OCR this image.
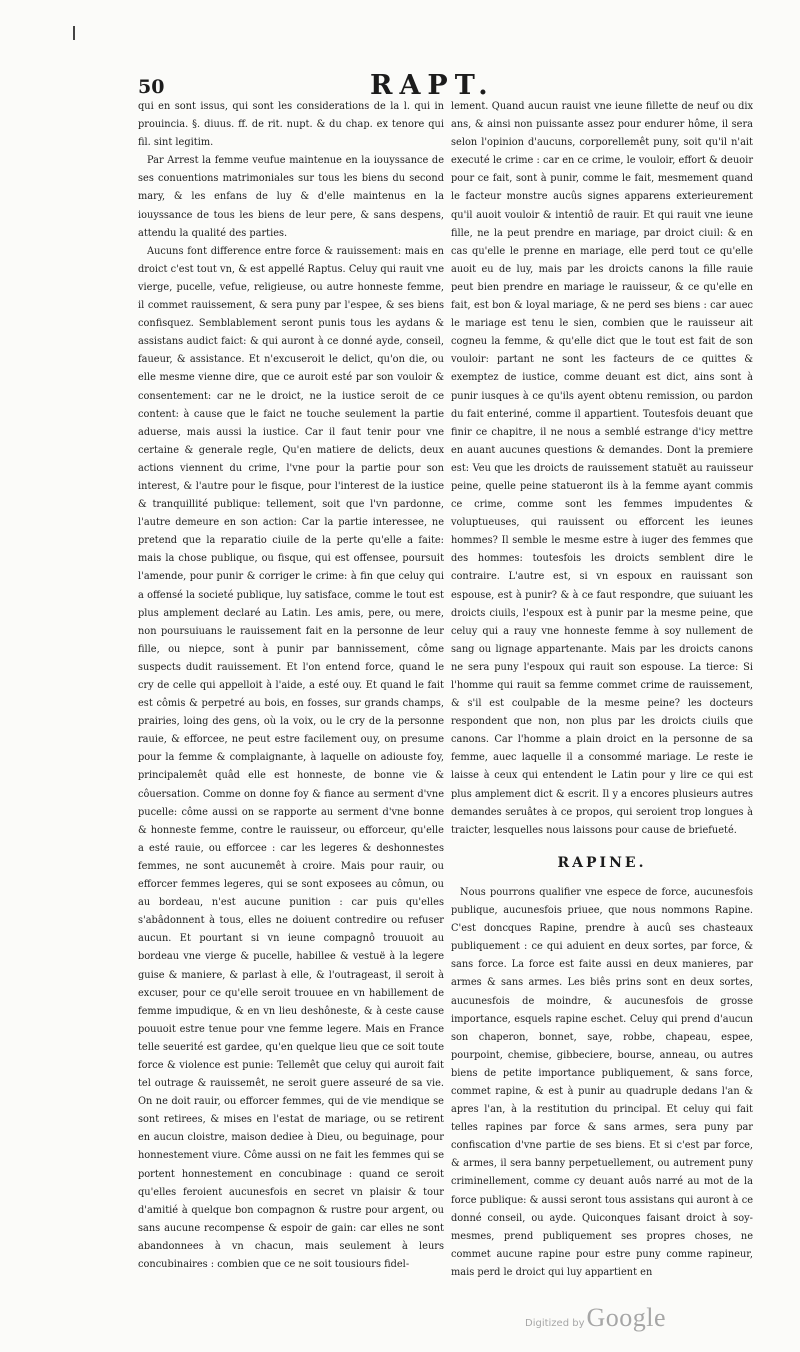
50	RAPT.

qui en sont issus, qui sont les considerations de la l. qui in prouincia. §. diuus. ff. de rit. nupt. & du chap. ex tenore qui fil. sint legitim.

Par Arrest la femme veufue maintenue en la iouyssance de ses conuentions matrimoniales sur tous les biens du second mary, & les enfans de luy & d'elle maintenus en la iouyssance de tous les biens de leur pere, & sans despens, attendu la qualité des parties.

Aucuns font difference entre force & rauissement: mais en droict c'est tout vn, & est appellé Raptus. Celuy qui rauit vne vierge, pucelle, vefue, religieuse, ou autre honneste femme, il commet rauissement, & sera puny par l'espee, & ses biens confisquez. Semblablement seront punis tous les aydans & assistans audict faict: & qui auront à ce donné ayde, conseil, faueur, & assistance. Et n'excuseroit le delict, qu'on die, ou elle mesme vienne dire, que ce auroit esté par son vouloir & consentement: car ne le droict, ne la iustice seroit de ce content: à cause que le faict ne touche seulement la partie aduerse, mais aussi la iustice. Car il faut tenir pour vne certaine & generale regle, Qu'en matiere de delicts, deux actions viennent du crime, l'vne pour la partie pour son interest, & l'autre pour le fisque, pour l'interest de la iustice & tranquillité publique: tellement, soit que l'vn pardonne, l'autre demeure en son action: Car la partie interessee, ne pretend que la reparatio ciuile de la perte qu'elle a faite: mais la chose publique, ou fisque, qui est offensee, poursuit l'amende, pour punir & corriger le crime: à fin que celuy qui a offensé la societé publique, luy satisface, comme le tout est plus amplement declaré au Latin. Les amis, pere, ou mere, non poursuiuans le rauissement fait en la personne de leur fille, ou niepce, sont à punir par bannissement, côme suspects dudit rauissement. Et l'on entend force, quand le cry de celle qui appelloit à l'aide, a esté ouy. Et quand le fait est cômis & perpetré au bois, en fosses, sur grands champs, prairies, loing des gens, où la voix, ou le cry de la personne rauie, & efforcee, ne peut estre facilement ouy, on presume pour la femme & complaignante, à laquelle on adiouste foy, principalemêt quâd elle est honneste, de bonne vie & côuersation. Comme on donne foy & fiance au serment d'vne pucelle: côme aussi on se rapporte au serment d'vne bonne & honneste femme, contre le rauisseur, ou efforceur, qu'elle a esté rauie, ou efforcee : car les legeres & deshonnestes femmes, ne sont aucunemêt à croire. Mais pour rauir, ou efforcer femmes legeres, qui se sont exposees au cômun, ou au bordeau, n'est aucune punition : car puis qu'elles s'abâdonnent à tous, elles ne doiuent contredire ou refuser aucun. Et pourtant si vn ieune compagnô trouuoit au bordeau vne vierge & pucelle, habillee & vestuë à la legere guise & maniere, & parlast à elle, & l'outrageast, il seroit à excuser, pour ce qu'elle seroit trouuee en vn habillement de femme impudique, & en vn lieu deshôneste, & à ceste cause pouuoit estre tenue pour vne femme legere. Mais en France telle seuerité est gardee, qu'en quelque lieu que ce soit toute force & violence est punie: Tellemêt que celuy qui auroit fait tel outrage & rauissemêt, ne seroit guere asseuré de sa vie. On ne doit rauir, ou efforcer femmes, qui de vie mendique se sont retirees, & mises en l'estat de mariage, ou se retirent en aucun cloistre, maison dediee à Dieu, ou beguinage, pour honnestement viure. Côme aussi on ne fait les femmes qui se portent honnestement en concubinage : quand ce seroit qu'elles feroient aucunesfois en secret vn plaisir & tour d'amitié à quelque bon compagnon & rustre pour argent, ou sans aucune recompense & espoir de gain: car elles ne sont abandonnees à vn chacun, mais seulement à leurs concubinaires : combien que ce ne soit tousiours fidel-

lement. Quand aucun rauist vne ieune fillette de neuf ou dix ans, & ainsi non puissante assez pour endurer hôme, il sera selon l'opinion d'aucuns, corporellemêt puny, soit qu'il n'ait executé le crime : car en ce crime, le vouloir, effort & deuoir pour ce fait, sont à punir, comme le fait, mesmement quand le facteur monstre aucûs signes apparens exterieurement qu'il auoit vouloir & intentiô de rauir. Et qui rauit vne ieune fille, ne la peut prendre en mariage, par droict ciuil: & en cas qu'elle le prenne en mariage, elle perd tout ce qu'elle auoit eu de luy, mais par les droicts canons la fille rauie peut bien prendre en mariage le rauisseur, & ce qu'elle en fait, est bon & loyal mariage, & ne perd ses biens : car auec le mariage est tenu le sien, combien que le rauisseur ait cogneu la femme, & qu'elle dict que le tout est fait de son vouloir: partant ne sont les facteurs de ce quittes & exemptez de iustice, comme deuant est dict, ains sont à punir iusques à ce qu'ils ayent obtenu remission, ou pardon du fait enteriné, comme il appartient. Toutesfois deuant que finir ce chapitre, il ne nous a semblé estrange d'icy mettre en auant aucunes questions & demandes. Dont la premiere est: Veu que les droicts de rauissement statuët au rauisseur peine, quelle peine statueront ils à la femme ayant commis ce crime, comme sont les femmes impudentes & voluptueuses, qui rauissent ou efforcent les ieunes hommes? Il semble le mesme estre à iuger des femmes que des hommes: toutesfois les droicts semblent dire le contraire. L'autre est, si vn espoux en rauissant son espouse, est à punir? & à ce faut respondre, que suiuant les droicts ciuils, l'espoux est à punir par la mesme peine, que celuy qui a rauy vne honneste femme à soy nullement de sang ou lignage appartenante. Mais par les droicts canons ne sera puny l'espoux qui rauit son espouse. La tierce: Si l'homme qui rauit sa femme commet crime de rauissement, & s'il est coulpable de la mesme peine? les docteurs respondent que non, non plus par les droicts ciuils que canons. Car l'homme a plain droict en la personne de sa femme, auec laquelle il a consommé mariage. Le reste ie laisse à ceux qui entendent le Latin pour y lire ce qui est plus amplement dict & escrit. Il y a encores plusieurs autres demandes seruâtes à ce propos, qui seroient trop longues à traicter, lesquelles nous laissons pour cause de briefueté.

RAPINE.

Nous pourrons qualifier vne espece de force, aucunesfois publique, aucunesfois priuee, que nous nommons Rapine. C'est doncques Rapine, prendre à aucû ses chasteaux publiquement : ce qui aduient en deux sortes, par force, & sans force. La force est faite aussi en deux manieres, par armes & sans armes. Les biês prins sont en deux sortes, aucunesfois de moindre, & aucunesfois de grosse importance, esquels rapine eschet. Celuy qui prend d'aucun son chaperon, bonnet, saye, robbe, chapeau, espee, pourpoint, chemise, gibbeciere, bourse, anneau, ou autres biens de petite importance publiquement, & sans force, commet rapine, & est à punir au quadruple dedans l'an & apres l'an, à la restitution du principal. Et celuy qui fait telles rapines par force & sans armes, sera puny par confiscation d'vne partie de ses biens. Et si c'est par force, & armes, il sera banny perpetuellement, ou autrement puny criminellement, comme cy deuant auôs narré au mot de la force publique: & aussi seront tous assistans qui auront à ce donné conseil, ou ayde. Quiconques faisant droict à soy-mesmes, prend publiquement ses propres choses, ne commet aucune rapine pour estre puny comme rapineur, mais perd le droict qui luy appartient en

Digitized by Google
